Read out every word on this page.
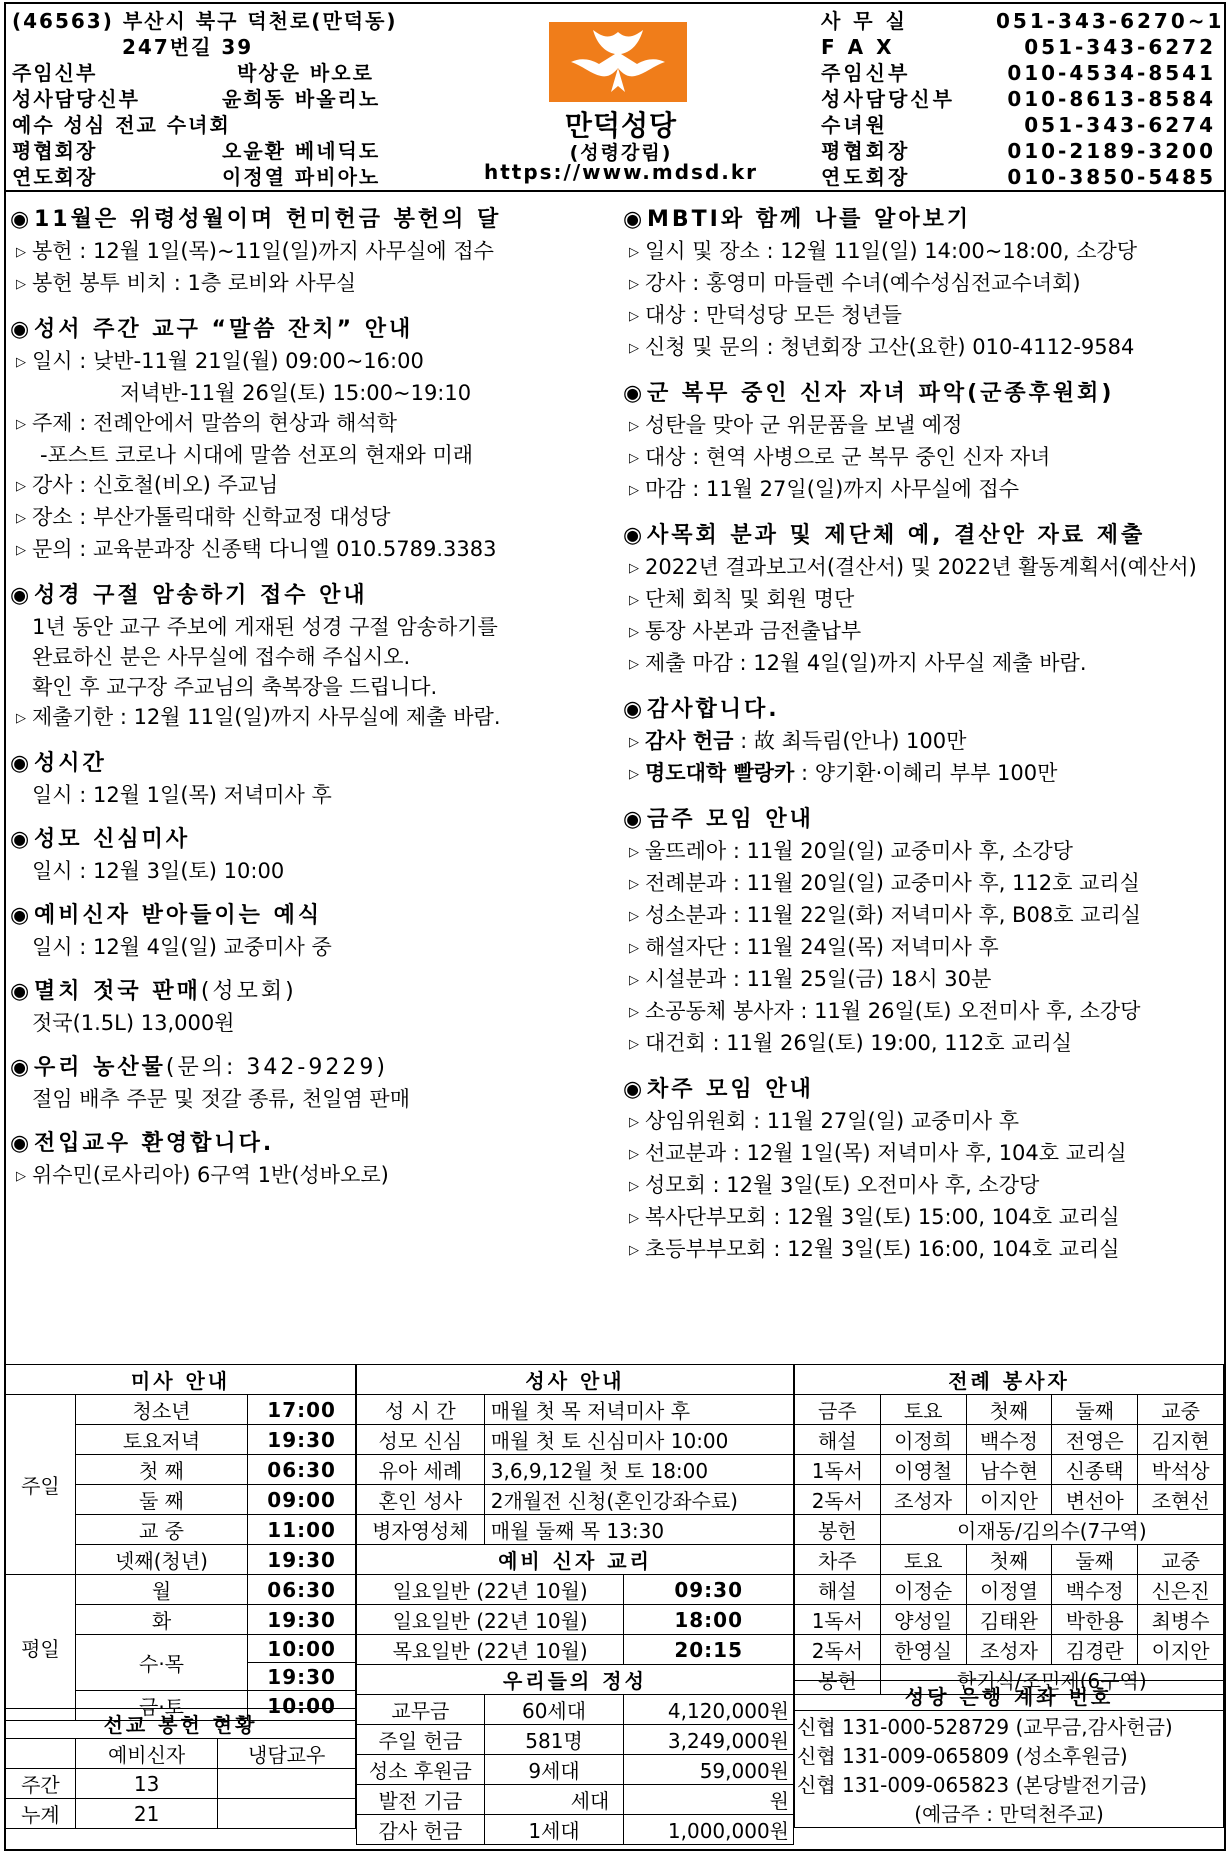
(46563) 부산시 북구 덕천로(만덕동)
247번길 39
주임신부	박상운 바오로
성사담당신부	윤희동 바올리노
예수 성심 전교 수녀회
평협회장	오윤환 베네딕도
연도회장	이정열 파비아노
만덕성당
(성령강림)
https://www.mdsd.kr
사 무 실	051-343-6270~1
F A X	051-343-6272
주임신부	010-4534-8541
성사담당신부	010-8613-8584
수녀원	051-343-6274
평협회장	010-2189-3200
연도회장	010-3850-5485
◉11월은 위령성월이며 헌미헌금 봉헌의 달
▷ 봉헌 : 12월 1일(목)~11일(일)까지 사무실에 접수
▷ 봉헌 봉투 비치 : 1층 로비와 사무실
◉성서 주간 교구 “말씀 잔치” 안내
▷ 일시 : 낮반-11월 21일(월) 09:00~16:00
저녁반-11월 26일(토) 15:00~19:10
▷ 주제 : 전례안에서 말씀의 현상과 해석학
-포스트 코로나 시대에 말씀 선포의 현재와 미래
▷ 강사 : 신호철(비오) 주교님
▷ 장소 : 부산가톨릭대학 신학교정 대성당
▷ 문의 : 교육분과장 신종택 다니엘 010.5789.3383
◉성경 구절 암송하기 접수 안내
1년 동안 교구 주보에 게재된 성경 구절 암송하기를
완료하신 분은 사무실에 접수해 주십시오.
확인 후 교구장 주교님의 축복장을 드립니다.
▷ 제출기한 : 12월 11일(일)까지 사무실에 제출 바람.
◉성시간
일시 : 12월 1일(목) 저녁미사 후
◉성모 신심미사
일시 : 12월 3일(토) 10:00
◉예비신자 받아들이는 예식
일시 : 12월 4일(일) 교중미사 중
◉멸치 젓국 판매(성모회)
젓국(1.5L) 13,000원
◉우리 농산물(문의: 342-9229)
절임 배추 주문 및 젓갈 종류, 천일염 판매
◉전입교우 환영합니다.
▷ 위수민(로사리아) 6구역 1반(성바오로)
◉MBTI와 함께 나를 알아보기
▷ 일시 및 장소 : 12월 11일(일) 14:00~18:00, 소강당
▷ 강사 : 홍영미 마들렌 수녀(예수성심전교수녀회)
▷ 대상 : 만덕성당 모든 청년들
▷ 신청 및 문의 : 청년회장 고산(요한) 010-4112-9584
◉군 복무 중인 신자 자녀 파악(군종후원회)
▷ 성탄을 맞아 군 위문품을 보낼 예정
▷ 대상 : 현역 사병으로 군 복무 중인 신자 자녀
▷ 마감 : 11월 27일(일)까지 사무실에 접수
◉사목회 분과 및 제단체 예, 결산안 자료 제출
▷ 2022년 결과보고서(결산서) 및 2022년 활동계획서(예산서)
▷ 단체 회칙 및 회원 명단
▷ 통장 사본과 금전출납부
▷ 제출 마감 : 12월 4일(일)까지 사무실 제출 바람.
◉감사합니다.
▷ 감사 헌금 : 故 최득림(안나) 100만
▷ 명도대학 빨랑카 : 양기환·이혜리 부부 100만
◉금주 모임 안내
▷ 울뜨레아 : 11월 20일(일) 교중미사 후, 소강당
▷ 전례분과 : 11월 20일(일) 교중미사 후, 112호 교리실
▷ 성소분과 : 11월 22일(화) 저녁미사 후, B08호 교리실
▷ 해설자단 : 11월 24일(목) 저녁미사 후
▷ 시설분과 : 11월 25일(금) 18시 30분
▷ 소공동체 봉사자 : 11월 26일(토) 오전미사 후, 소강당
▷ 대건회 : 11월 26일(토) 19:00, 112호 교리실
◉차주 모임 안내
▷ 상임위원회 : 11월 27일(일) 교중미사 후
▷ 선교분과 : 12월 1일(목) 저녁미사 후, 104호 교리실
▷ 성모회 : 12월 3일(토) 오전미사 후, 소강당
▷ 복사단부모회 : 12월 3일(토) 15:00, 104호 교리실
▷ 초등부부모회 : 12월 3일(토) 16:00, 104호 교리실
미사 안내		
주일	청소년	17:00
	토요저녁	19:30
	첫 째	06:30
	둘 째	09:00
	교 중	11:00
	넷째(청년)	19:30
평일	월	06:30
	화	19:30
	수·목	10:00
		19:30
	금·토	10:00
선교 봉헌 현황		
	예비신자	냉담교우
주간	13	
누계	21	
성사 안내		
성 시 간	매월 첫 목 저녁미사 후	
성모 신심	매월 첫 토 신심미사 10:00	
유아 세례	3,6,9,12월 첫 토 18:00	
혼인 성사	2개월전 신청(혼인강좌수료)	
병자영성체	매월 둘째 목 13:30	
예비 신자 교리		
일요일반 (22년 10월)		09:30
일요일반 (22년 10월)		18:00
목요일반 (22년 10월)		20:15
우리들의 정성		
교무금	60세대	4,120,000원
주일 헌금	581명	3,249,000원
성소 후원금	9세대	59,000원
발전 기금	세대	원
감사 헌금	1세대	1,000,000원
전례 봉사자				
금주	토요	첫째	둘째	교중
해설	이정희	백수정	전영은	김지현
1독서	이영철	남수현	신종택	박석상
2독서	조성자	이지안	변선아	조현선
봉헌	이재동/김의수(7구역)			
차주	토요	첫째	둘째	교중
해설	이정순	이정열	백수정	신은진
1독서	양성일	김태완	박한용	최병수
2독서	한영실	조성자	김경란	이지안
봉헌	한기식/조민제(6구역)			
성당 은행 계좌 번호
신협 131-000-528729 (교무금,감사헌금)
신협 131-009-065809 (성소후원금)
신협 131-009-065823 (본당발전기금)
(예금주 : 만덕천주교)
